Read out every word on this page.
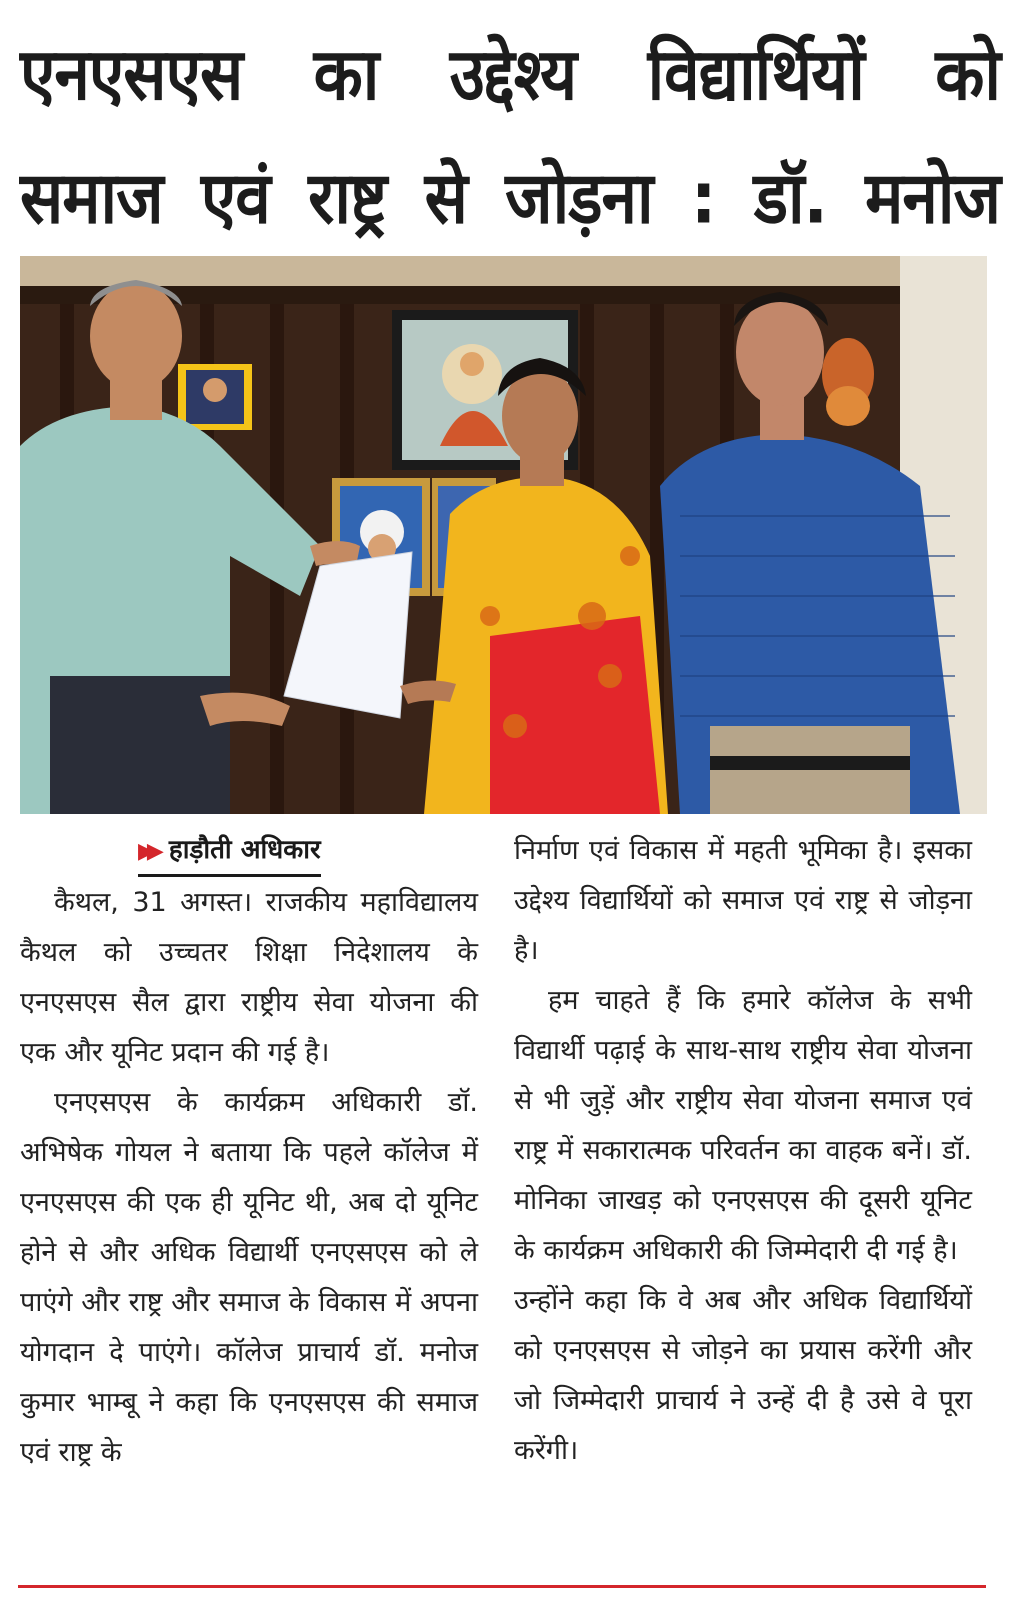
एनएसएस का उद्देश्य विद्यार्थियों को
समाज एवं राष्ट्र से जोड़ना : डॉ. मनोज
▶▶ हाड़ौती अधिकार

कैथल, 31 अगस्त। राजकीय महाविद्यालय कैथल को उच्चतर शिक्षा निदेशालय के एनएसएस सैल द्वारा राष्ट्रीय सेवा योजना की एक और यूनिट प्रदान की गई है।

एनएसएस के कार्यक्रम अधिकारी डॉ. अभिषेक गोयल ने बताया कि पहले कॉलेज में एनएसएस की एक ही यूनिट थी, अब दो यूनिट होने से और अधिक विद्यार्थी एनएसएस को ले पाएंगे और राष्ट्र और समाज के विकास में अपना योगदान दे पाएंगे। कॉलेज प्राचार्य डॉ. मनोज कुमार भाम्बू ने कहा कि एनएसएस की समाज एवं राष्ट्र के

निर्माण एवं विकास में महती भूमिका है। इसका उद्देश्य विद्यार्थियों को समाज एवं राष्ट्र से जोड़ना है।

हम चाहते हैं कि हमारे कॉलेज के सभी विद्यार्थी पढ़ाई के साथ-साथ राष्ट्रीय सेवा योजना से भी जुड़ें और राष्ट्रीय सेवा योजना समाज एवं राष्ट्र में सकारात्मक परिवर्तन का वाहक बनें। डॉ. मोनिका जाखड़ को एनएसएस की दूसरी यूनिट के कार्यक्रम अधिकारी की जिम्मेदारी दी गई है।

उन्होंने कहा कि वे अब और अधिक विद्यार्थियों को एनएसएस से जोड़ने का प्रयास करेंगी और जो जिम्मेदारी प्राचार्य ने उन्हें दी है उसे वे पूरा करेंगी।
